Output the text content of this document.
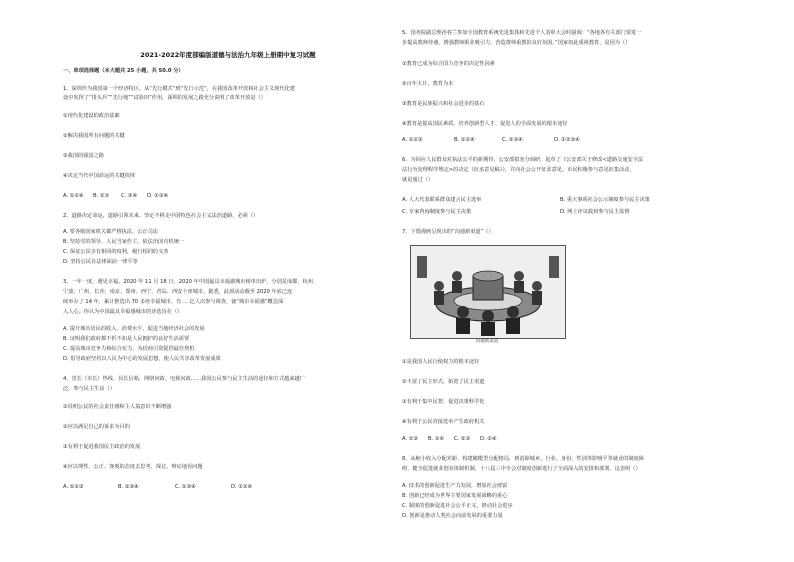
2021-2022年度部编版道德与法治九年级上册期中复习试题
一、单项选择题（本大题共 25 小题，共 50.0 分）
1、深圳作为我国第一个经济特区，从“先行模式”到“先行示范”，在我国改革开放和社会主义现代化建
设中发挥了“排头兵”“先行地”“试验田”作用，深圳的发展之路充分说明了改革开放是（）
①现代化建设的政治基础
②解决我国所有问题的关键
③我国的强国之路
④决定当代中国命运的关键抉择
A. ①②④ B. ②③ C. ③④ D. ①③④
2、道路决定命运，道路引领未来。坚定不移走中国特色社会主义法治道路，必须（）
A. 要各级国家机关都严格执法、公正司法
B. 坚持党的领导、人民当家作主、依法治国有机统一
C. 保证公民享有相同的权利，履行相同的义务
D. 坚持公民在法律面前一律平等
3、一年一度，遇见幸福。2020 年 11 月 18 日，2020 年中国最具幸福感城市榜单出炉，分别是成都、杭州、
宁波、广州、长沙、南京、郑州、西宁、青岛、西安十座城市。据悉，此项活动截至 2020 年底已连
续举办了 14 年，累计推选出 70 多座幸福城市，有 ... 亿人次参与调查，使“城市幸福感”概念深
入人心。你认为中国最具幸福感城市的评选旨在（）
A. 提升城市居民的收入、消费水平，促进当地经济社会的发展
B. 证明我们政府都不折不扣是人民拥护的良好生活需要
C. 提高城市竞争力和综合实力，为招商引资提供最佳契机
D. 倡导政府坚持以人民为中心的发展思想，使人民共享改革发展成果
4、省长（市长）热线、县长信箱、网络问政、电视问政……我国公民参与民主生活的途径和方式越来越广
泛。参与民主生活（）
①说明公民的社会责任感和主人翁意识不断增强
②应以满足自己的诉求为目的
③有利于促进我国民主政治的发展
④应以理性、公正、客观的态度去思考、探讨、辩证地看问题
A. ①②③	B. ②③④	C. ①③④	D. ①②④
5、国务院副总理孙春兰参加全国教育系统先进集体和先进个人表彰大会时强调：“各地各有关部门要进一
步提高教师待遇，增强教师职业吸引力，营造尊师重教的良好氛围。”国家如此重视教育，是因为（）
①教育已成为综合国力竞争的决定性因素
②百年大计，教育为本
③教育是民族振兴和社会进步的基石
④教育是提高国民素质、培养创新型人才、促进人的全面发展的根本途径
A. ①②③	B. ①②④	C. ②③④	D. ①②③④
6、为回应人民群众对执法公平的新期待，公安部拟充分调研，起草了《公安部关于修改<道路交通安全法
法行为处理程序规定>的决定（征求意见稿）》，并向社会公开征求意见。市民积极参与意见征集活动，
就是通过（）
A. 人大代表联系群众建言民主选举	B. 重大事项社会公示制度参与民主决策
C. 专家咨询制度参与民主决策	D. 网上评议政府参与民主监督
7、下图漫画呈现出的“沟通新渠道”（）
沟通新渠道
①是我国人民行使权力的根本途径
②丰富了民主形式，拓宽了民主渠道
③有利于集中民智，促进决策科学化
④有利于公民直接选举产生政府机关
A. ①③ B. ①④ C. ②③ D. ②④
8、从缩小收入分配差距、构建橄榄型分配格局，到消除城乡、行业、身份、性别等影响平等就业的制度障
碍，健全促进就业创业体制机制，十八届三中全会对制度创新进行了全面深入的安排和部署。这表明（）
A. 技术的创新促进生产力发展，增加社会财富
B. 创新已经成为世界主要国家发展战略的重心
C. 制度的创新促进社会公平正义，推动社会进步
D. 创新是推动人类社会向前发展的重要力量
